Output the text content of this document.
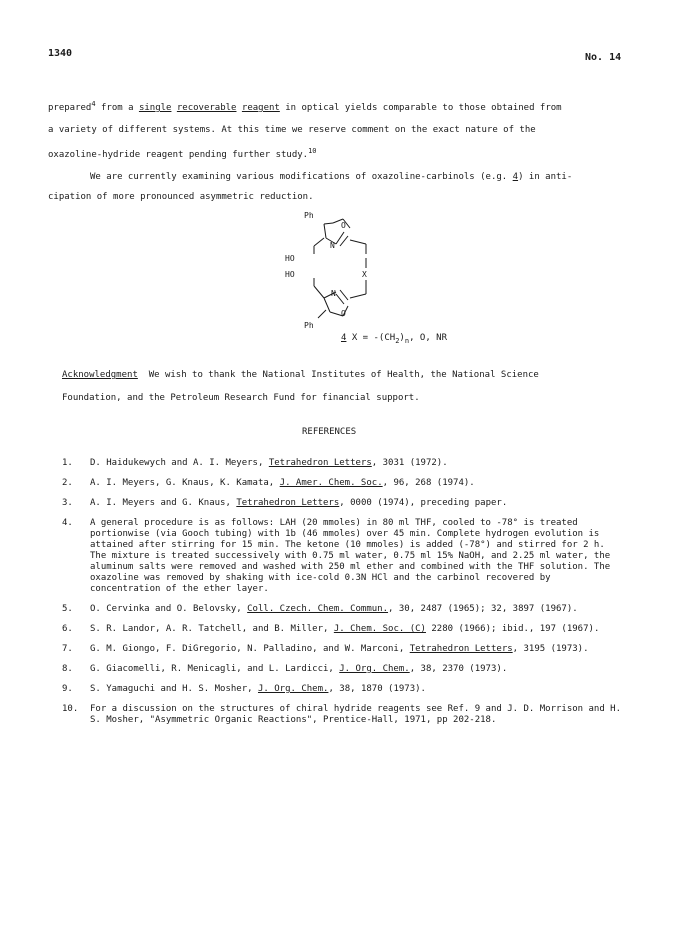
1340	No. 14
prepared$^4$ from a single recoverable reagent in optical yields comparable to those obtained from
a variety of different systems. At this time we reserve comment on the exact nature of the
oxazoline-hydride reagent pending further study.$^{10}$
We are currently examining various modifications of oxazoline-carbinols (e.g. 4) in anti-
cipation of more pronounced asymmetric reduction.
Ph
O
N
HO
HO	X
N
O
Ph
4 $X = -(CH_2)_n$, O, NR
Acknowledgment We wish to thank the National Institutes of Health, the National Science
Foundation, and the Petroleum Research Fund for financial support.
REFERENCES
1. D. Haidukewych and A. I. Meyers, Tetrahedron Letters, 3031 (1972).
2. A. I. Meyers, G. Knaus, K. Kamata, J. Amer. Chem. Soc., 96, 268 (1974).
3. A. I. Meyers and G. Knaus, Tetrahedron Letters, 0000 (1974), preceding paper.
4. A general procedure is as follows: LAH (20 mmoles) in 80 ml THF, cooled to -78° is treated portionwise (via Gooch tubing) with 1b (46 mmoles) over 45 min. Complete hydrogen evolution is attained after stirring for 15 min. The ketone (10 mmoles) is added (-78°) and stirred for 2 h. The mixture is treated successively with 0.75 ml water, 0.75 ml 15% NaOH, and 2.25 ml water, the aluminum salts were removed and washed with 250 ml ether and combined with the THF solution. The oxazoline was removed by shaking with ice-cold 0.3N HCl and the carbinol recovered by concentration of the ether layer.
5. O. Cervinka and O. Belovsky, Coll. Czech. Chem. Commun., 30, 2487 (1965); 32, 3897 (1967).
6. S. R. Landor, A. R. Tatchell, and B. Miller, J. Chem. Soc. (C) 2280 (1966); ibid., 197 (1967).
7. G. M. Giongo, F. DiGregorio, N. Palladino, and W. Marconi, Tetrahedron Letters, 3195 (1973).
8. G. Giacomelli, R. Menicagli, and L. Lardicci, J. Org. Chem., 38, 2370 (1973).
9. S. Yamaguchi and H. S. Mosher, J. Org. Chem., 38, 1870 (1973).
10. For a discussion on the structures of chiral hydride reagents see Ref. 9 and J. D. Morrison and H. S. Mosher, "Asymmetric Organic Reactions", Prentice-Hall, 1971, pp 202-218.
